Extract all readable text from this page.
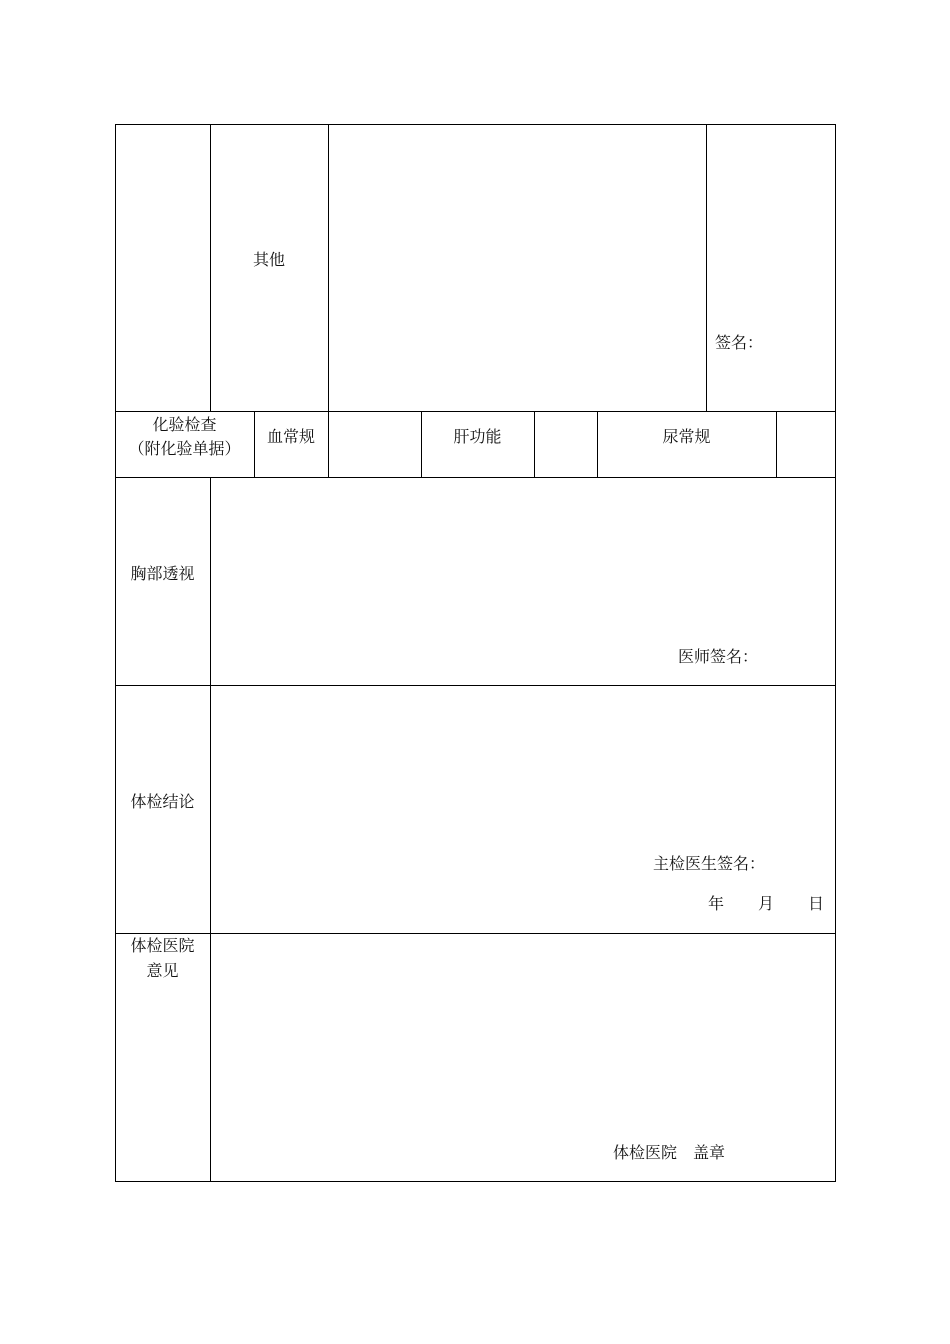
其他
签名：
化验检查
（附化验单据）
血常规	肝功能	尿常规
胸部透视
医师签名：
体检结论
主检医生签名：
年 月 日
体检医院
意见
体检医院　盖章
